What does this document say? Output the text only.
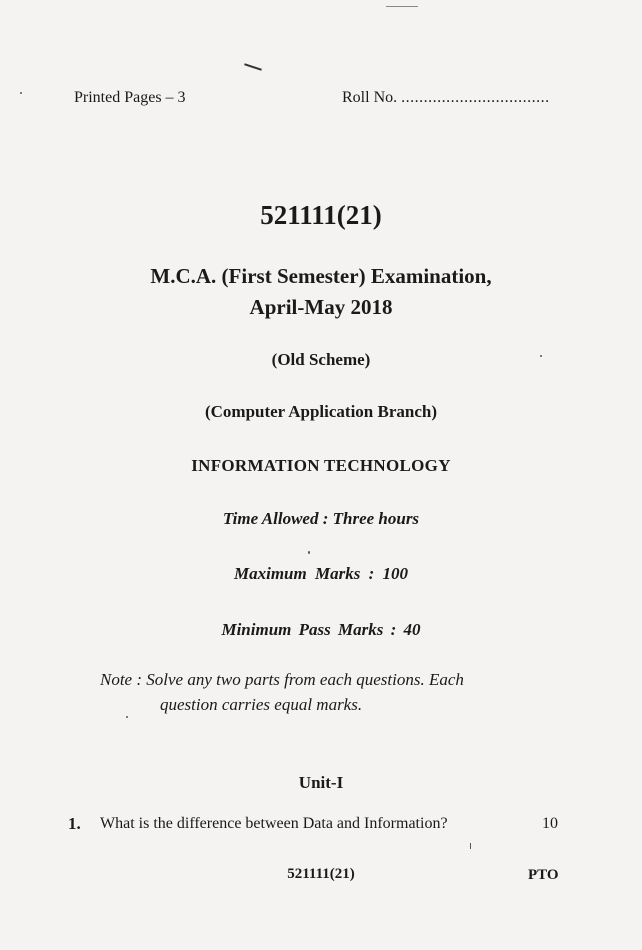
Printed Pages – 3	Roll No. .................................
521111(21)
M.C.A. (First Semester) Examination,
April-May 2018
(Old Scheme)
(Computer Application Branch)
INFORMATION TECHNOLOGY
Time Allowed : Three hours
Maximum Marks : 100
Minimum Pass Marks : 40
Note : Solve any two parts from each questions. Each
question carries equal marks.
Unit-I
1. What is the difference between Data and Information?	10
521111(21)	PTO
